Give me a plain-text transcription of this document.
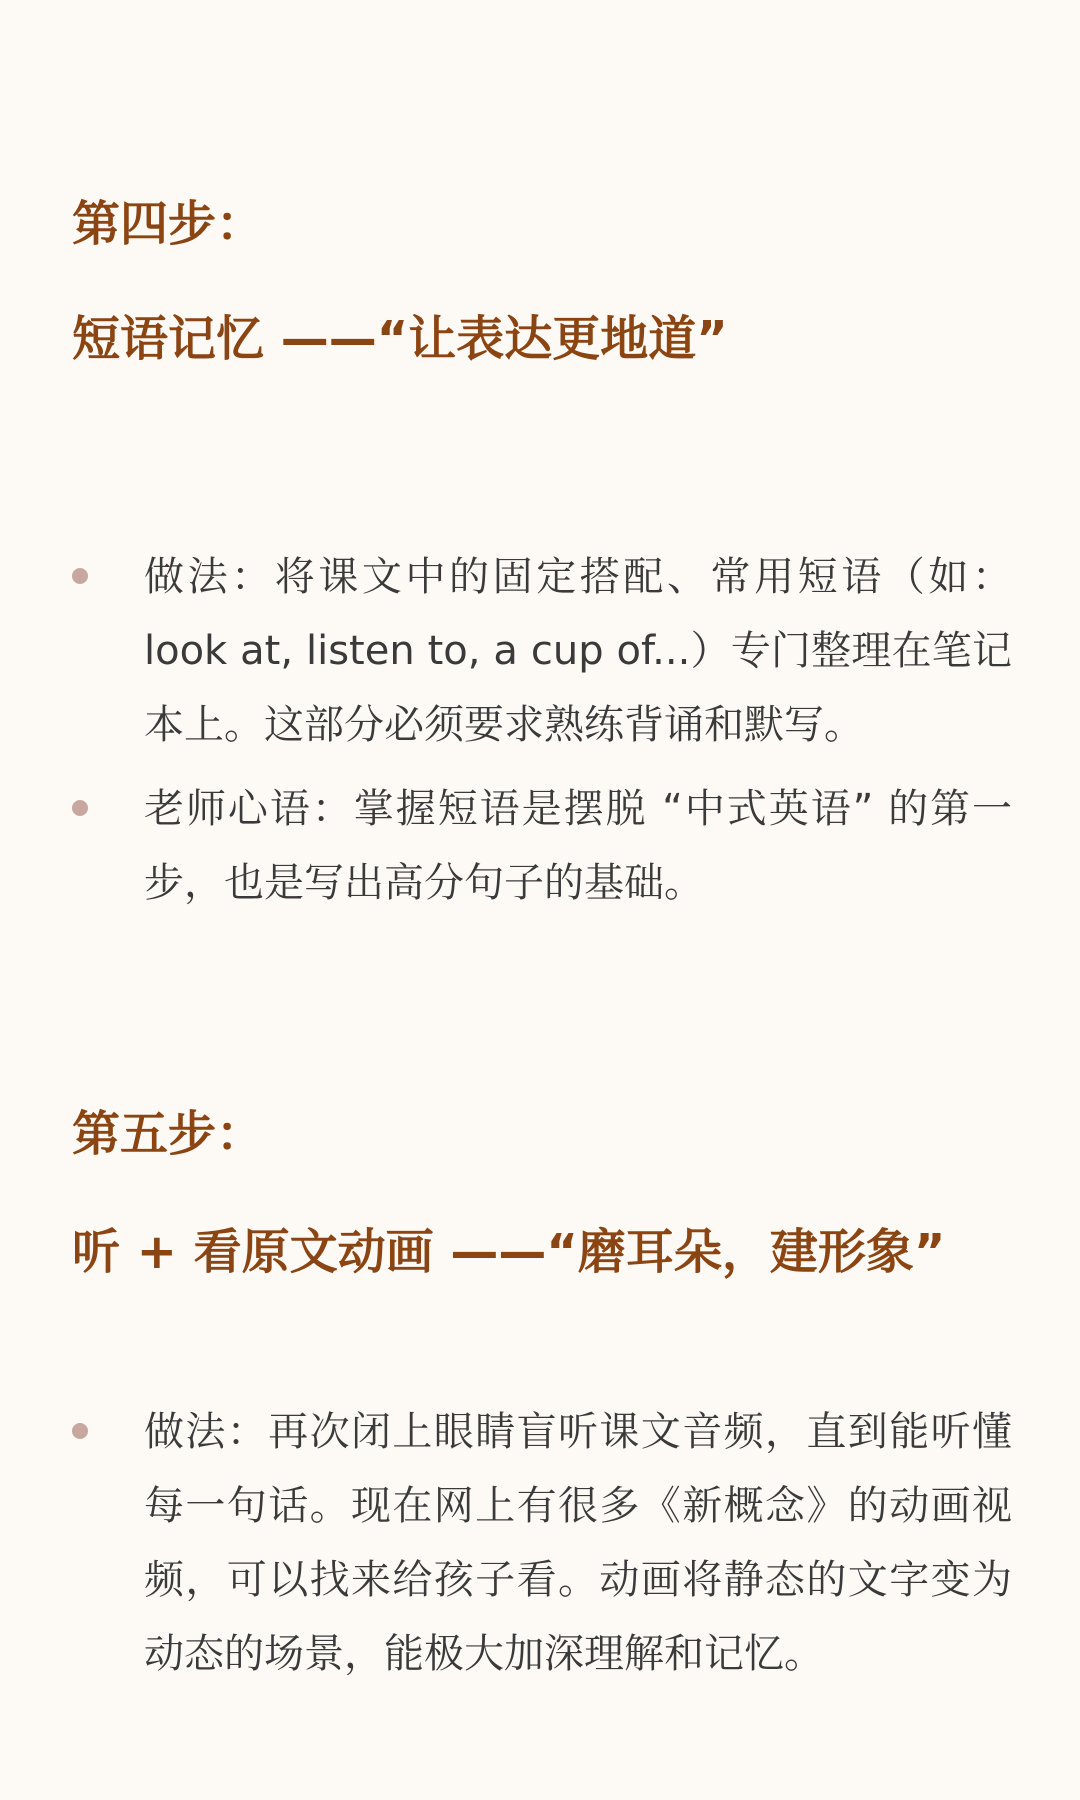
第四步：
短语记忆 ——“让表达更地道”
做法：将课文中的固定搭配、常用短语（如：look at, listen to, a cup of...）专门整理在笔记本上。这部分必须要求熟练背诵和默写。
老师心语：掌握短语是摆脱 “中式英语” 的第一步，也是写出高分句子的基础。
第五步：
听 + 看原文动画 ——“磨耳朵，建形象”
做法：再次闭上眼睛盲听课文音频，直到能听懂每一句话。现在网上有很多《新概念》的动画视频，可以找来给孩子看。动画将静态的文字变为动态的场景，能极大加深理解和记忆。
